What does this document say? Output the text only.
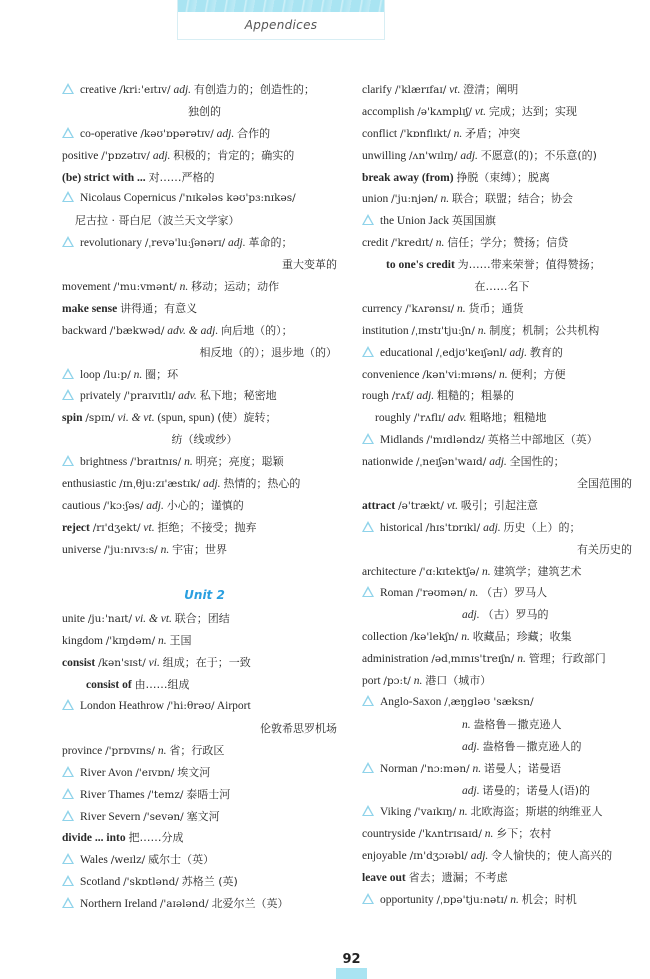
Appendices
creative /kri:'eɪtɪv/ adj. 有创造力的；创造性的；
独创的
co-operative /kəʊ'ɒpərətɪv/ adj. 合作的
positive /'pɒzətɪv/ adj. 积极的；肯定的；确实的
(be) strict with ... 对……严格的
Nicolaus Copernicus /'nɪkələs kəʊ'pɜ:nɪkəs/
尼古拉 · 哥白尼（波兰天文学家）
revolutionary /ˌrevə'lu:ʃənərɪ/ adj. 革命的；
重大变革的
movement /'mu:vmənt/ n. 移动；运动；动作
make sense 讲得通；有意义
backward /'bækwəd/ adv. & adj. 向后地（的）；
相反地（的）；退步地（的）
loop /lu:p/ n. 圈；环
privately /'praɪvɪtlɪ/ adv. 私下地；秘密地
spin /spɪn/ vi. & vt. (spun, spun) (使）旋转；
纺（线或纱）
brightness /'braɪtnɪs/ n. 明亮；亮度；聪颖
enthusiastic /ɪnˌθju:zɪ'æstɪk/ adj. 热情的；热心的
cautious /'kɔ:ʃəs/ adj. 小心的；谨慎的
reject /rɪ'dʒekt/ vt. 拒绝；不接受；抛弃
universe /'ju:nɪvɜ:s/ n. 宇宙；世界
Unit 2
unite /ju:'naɪt/ vi. & vt. 联合；团结
kingdom /'kɪŋdəm/ n. 王国
consist /kən'sɪst/ vi. 组成；在于；一致
consist of 由……组成
London Heathrow /'hi:θrəʊ/ Airport
伦敦希思罗机场
province /'prɒvɪns/ n. 省；行政区
River Avon /'eɪvɒn/ 埃文河
River Thames /'temz/ 泰晤士河
River Severn /'sevən/ 塞文河
divide ... into 把……分成
Wales /weɪlz/ 威尔士（英）
Scotland /'skɒtlənd/ 苏格兰 (英)
Northern Ireland /'aɪələnd/ 北爱尔兰（英）
clarify /'klærɪfaɪ/ vt. 澄清；阐明
accomplish /ə'kʌmplɪʃ/ vt. 完成；达到；实现
conflict /'kɒnflɪkt/ n. 矛盾；冲突
unwilling /ʌn'wɪlɪŋ/ adj. 不愿意(的)；不乐意(的)
break away (from) 挣脱（束缚）；脱离
union /'ju:njən/ n. 联合；联盟；结合；协会
the Union Jack 英国国旗
credit /'kredɪt/ n. 信任；学分；赞扬；信贷
to one's credit 为……带来荣誉；值得赞扬；
在……名下
currency /'kʌrənsɪ/ n. 货币；通货
institution /ˌɪnstɪ'tju:ʃn/ n. 制度；机制；公共机构
educational /ˌedjʊ'keɪʃənl/ adj. 教育的
convenience /kən'vi:mɪəns/ n. 便利；方便
rough /rʌf/ adj. 粗糙的；粗暴的
roughly /'rʌflɪ/ adv. 粗略地；粗糙地
Midlands /'mɪdləndz/ 英格兰中部地区（英）
nationwide /ˌneɪʃən'waɪd/ adj. 全国性的；
全国范围的
attract /ə'trækt/ vt. 吸引；引起注意
historical /hɪs'tɒrɪkl/ adj. 历史（上）的；
有关历史的
architecture /'ɑ:kɪtektʃə/ n. 建筑学；建筑艺术
Roman /'rəʊmən/ n. （古）罗马人
adj. （古）罗马的
collection /kə'lekʃn/ n. 收藏品；珍藏；收集
administration /ədˌmɪnɪs'treɪʃn/ n. 管理；行政部门
port /pɔ:t/ n. 港口（城市）
Anglo-Saxon /ˌæŋgləʊ 'sæksn/
n. 盎格鲁－撒克逊人
adj. 盎格鲁－撒克逊人的
Norman /'nɔ:mən/ n. 诺曼人；诺曼语
adj. 诺曼的；诺曼人(语)的
Viking /'vaɪkɪŋ/ n. 北欧海盗；斯堪的纳维亚人
countryside /'kʌntrɪsaɪd/ n. 乡下；农村
enjoyable /ɪn'dʒɔɪəbl/ adj. 令人愉快的；使人高兴的
leave out 省去；遗漏；不考虑
opportunity /ˌɒpə'tju:nətɪ/ n. 机会；时机
92
